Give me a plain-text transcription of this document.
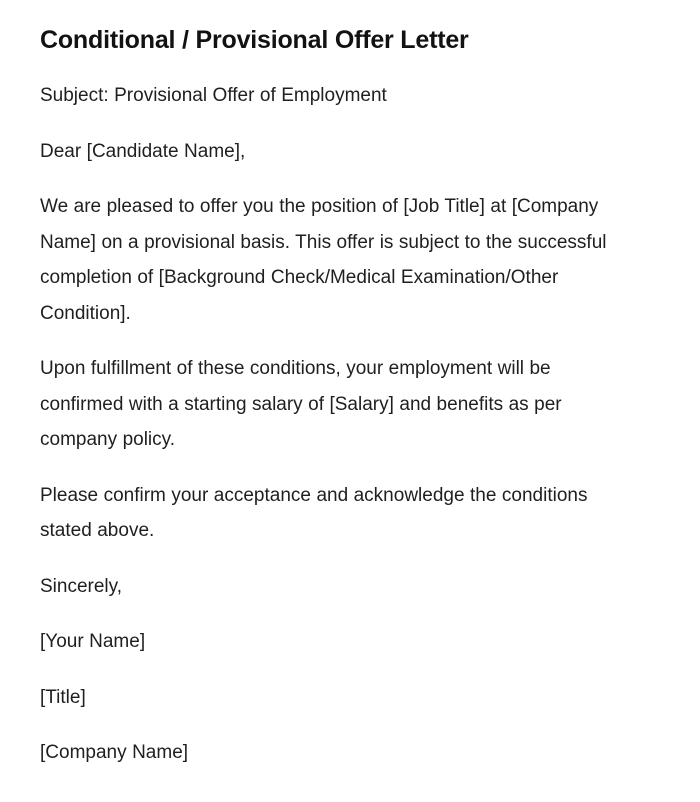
Conditional / Provisional Offer Letter

Subject: Provisional Offer of Employment

Dear [Candidate Name],

We are pleased to offer you the position of [Job Title] at [Company Name] on a provisional basis. This offer is subject to the successful completion of [Background Check/Medical Examination/Other Condition].

Upon fulfillment of these conditions, your employment will be confirmed with a starting salary of [Salary] and benefits as per company policy.

Please confirm your acceptance and acknowledge the conditions stated above.

Sincerely,

[Your Name]

[Title]

[Company Name]
